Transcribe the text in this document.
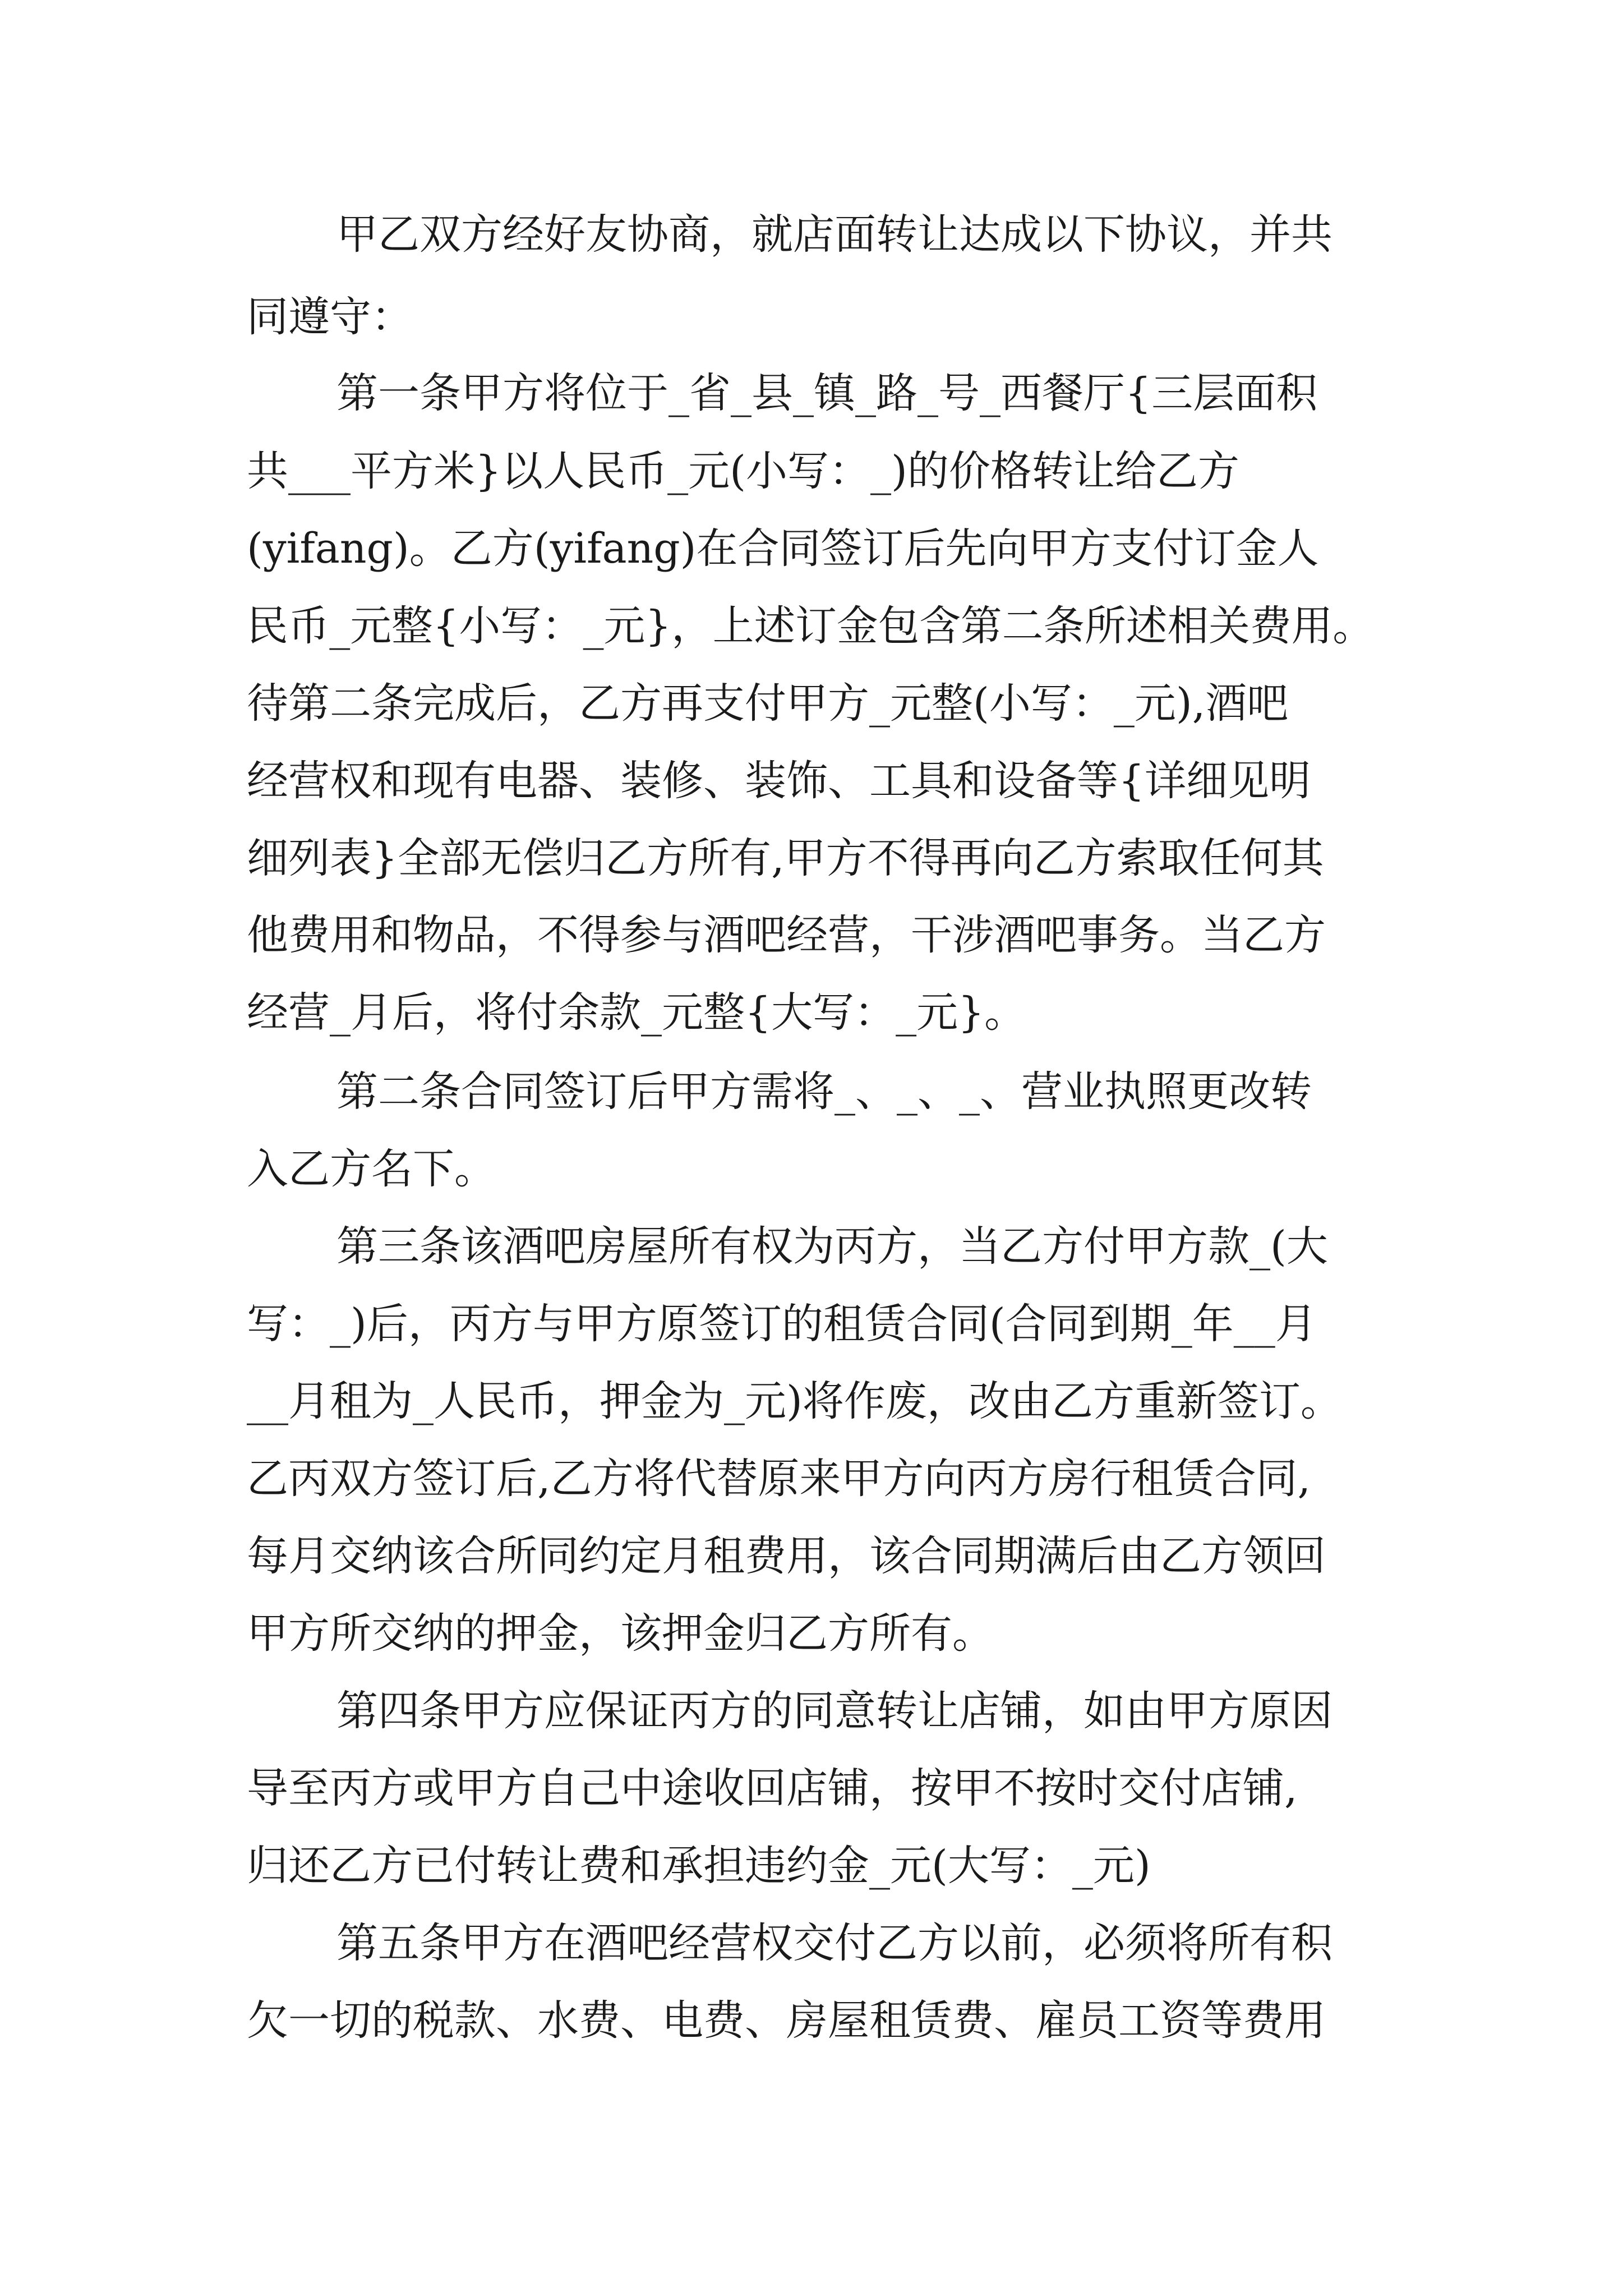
甲乙双方经好友协商，就店面转让达成以下协议，并共
同遵守：
第一条甲方将位于_省_县_镇_路_号_西餐厅{三层面积
共___平方米}以人民币_元(小写：_)的价格转让给乙方
(yifang)。乙方(yifang)在合同签订后先向甲方支付订金人
民币_元整{小写：_元}，上述订金包含第二条所述相关费用。
待第二条完成后，乙方再支付甲方_元整(小写：_元),酒吧
经营权和现有电器、装修、装饰、工具和设备等{详细见明
细列表}全部无偿归乙方所有,甲方不得再向乙方索取任何其
他费用和物品，不得参与酒吧经营，干涉酒吧事务。当乙方
经营_月后，将付余款_元整{大写：_元}。
第二条合同签订后甲方需将_、_、_、营业执照更改转
入乙方名下。
第三条该酒吧房屋所有权为丙方，当乙方付甲方款_(大
写：_)后，丙方与甲方原签订的租赁合同(合同到期_年__月
__月租为_人民币，押金为_元)将作废，改由乙方重新签订。
乙丙双方签订后,乙方将代替原来甲方向丙方房行租赁合同,
每月交纳该合所同约定月租费用，该合同期满后由乙方领回
甲方所交纳的押金，该押金归乙方所有。
第四条甲方应保证丙方的同意转让店铺，如由甲方原因
导至丙方或甲方自己中途收回店铺，按甲不按时交付店铺,
归还乙方已付转让费和承担违约金_元(大写：_元)
第五条甲方在酒吧经营权交付乙方以前，必须将所有积
欠一切的税款、水费、电费、房屋租赁费、雇员工资等费用
